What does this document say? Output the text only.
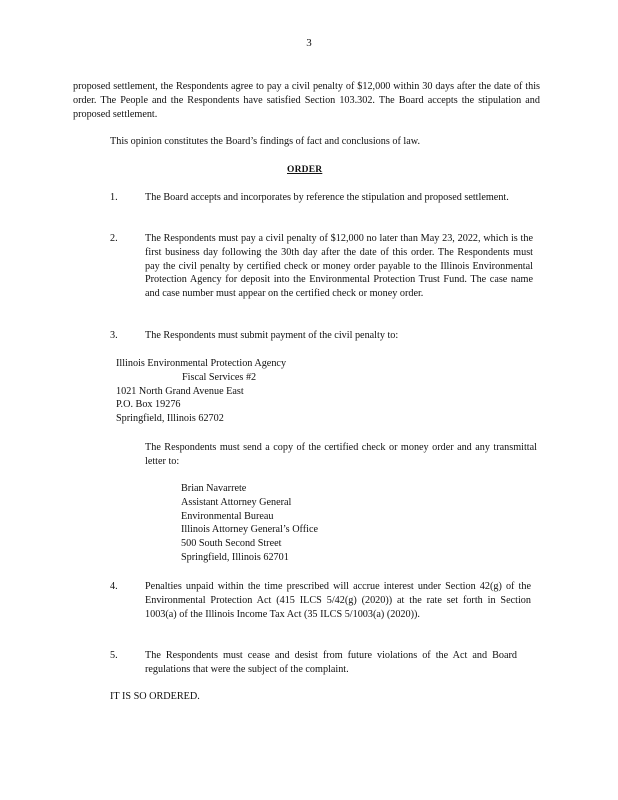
3
proposed settlement, the Respondents agree to pay a civil penalty of $12,000 within 30 days after the date of this order. The People and the Respondents have satisfied Section 103.302. The Board accepts the stipulation and proposed settlement.
This opinion constitutes the Board’s findings of fact and conclusions of law.
ORDER
1.	The Board accepts and incorporates by reference the stipulation and proposed settlement.
2.	The Respondents must pay a civil penalty of $12,000 no later than May 23, 2022, which is the first business day following the 30th day after the date of this order. The Respondents must pay the civil penalty by certified check or money order payable to the Illinois Environmental Protection Agency for deposit into the Environmental Protection Trust Fund. The case name and case number must appear on the certified check or money order.
3.	The Respondents must submit payment of the civil penalty to:
Illinois Environmental Protection Agency
Fiscal Services #2
1021 North Grand Avenue East
P.O. Box 19276
Springfield, Illinois 62702
The Respondents must send a copy of the certified check or money order and any transmittal letter to:
Brian Navarrete
Assistant Attorney General
Environmental Bureau
Illinois Attorney General’s Office
500 South Second Street
Springfield, Illinois 62701
4.	Penalties unpaid within the time prescribed will accrue interest under Section 42(g) of the Environmental Protection Act (415 ILCS 5/42(g) (2020)) at the rate set forth in Section 1003(a) of the Illinois Income Tax Act (35 ILCS 5/1003(a) (2020)).
5.	The Respondents must cease and desist from future violations of the Act and Board regulations that were the subject of the complaint.
IT IS SO ORDERED.
